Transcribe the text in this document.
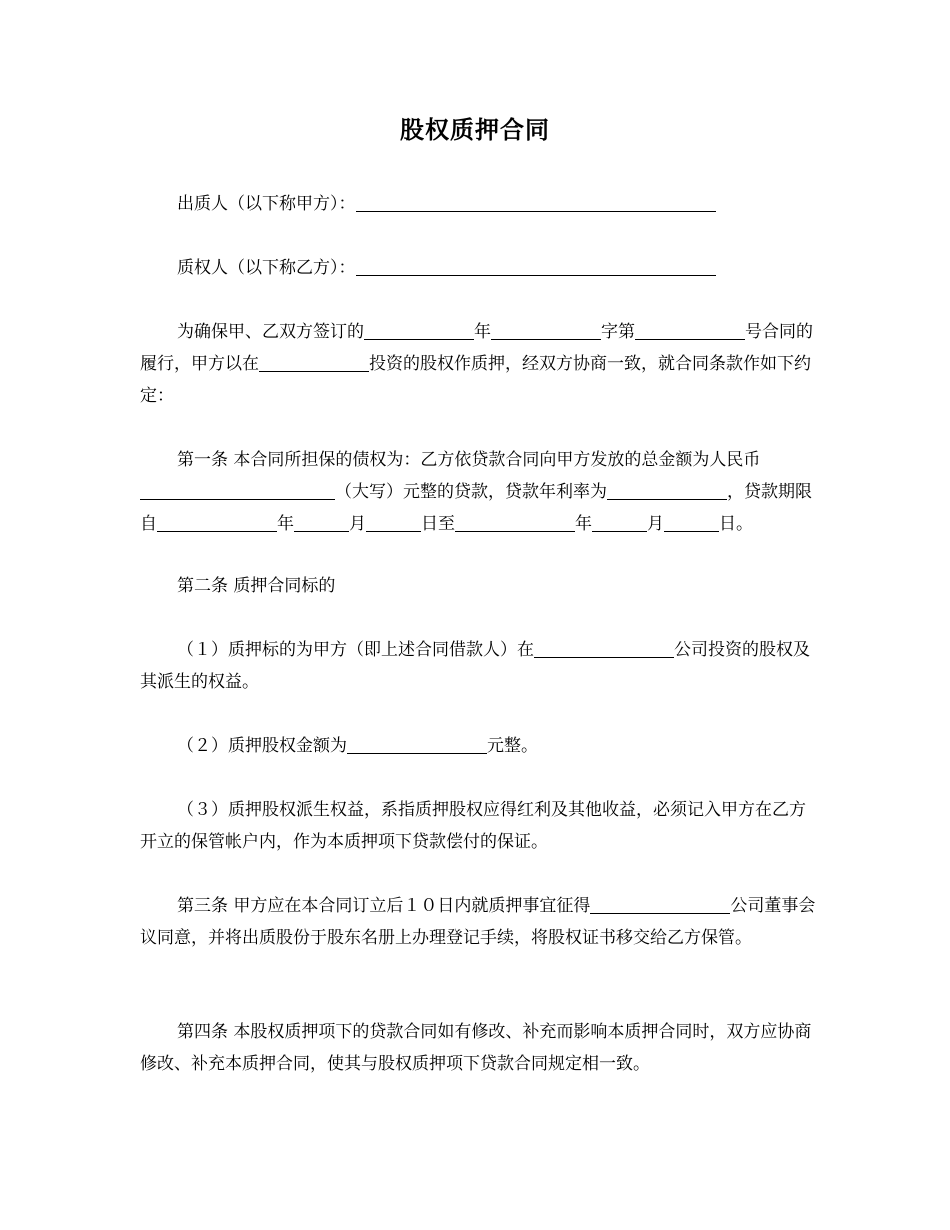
股权质押合同
出质人（以下称甲方）：
质权人（以下称乙方）：
为确保甲、乙双方签订的	年	字第	号合同的履行，甲方以在	投资的股权作质押，经双方协商一致，就合同条款作如下约定：
第一条 本合同所担保的债权为：乙方依贷款合同向甲方发放的总金额为人民币（大写）元整的贷款，贷款年利率为	，贷款期限自	年	月	日至	年	月	日。
第二条 质押合同标的
（１）质押标的为甲方（即上述合同借款人）在	公司投资的股权及其派生的权益。
（２）质押股权金额为	元整。
（３）质押股权派生权益，系指质押股权应得红利及其他收益，必须记入甲方在乙方开立的保管帐户内，作为本质押项下贷款偿付的保证。
第三条 甲方应在本合同订立后１０日内就质押事宜征得	公司董事会议同意，并将出质股份于股东名册上办理登记手续，将股权证书移交给乙方保管。
第四条 本股权质押项下的贷款合同如有修改、补充而影响本质押合同时，双方应协商修改、补充本质押合同，使其与股权质押项下贷款合同规定相一致。
